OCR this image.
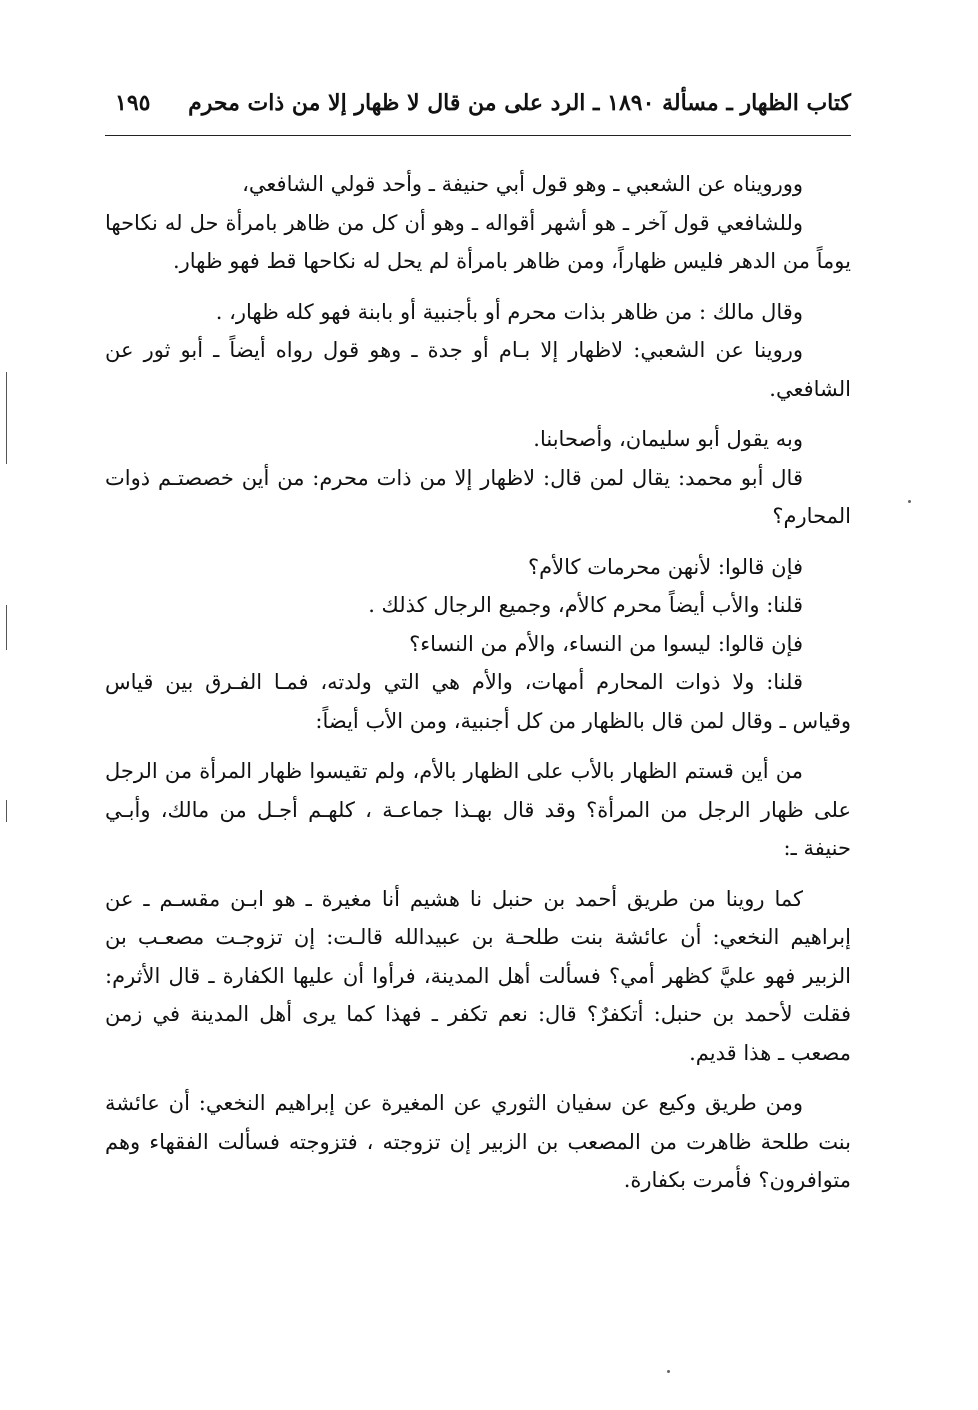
كتاب الظهار ـ مسألة ١٨٩٠ ـ الرد على من قال لا ظهار إلا من ذات محرم
١٩٥

وورويناه عن الشعبي ـ وهو قول أبي حنيفة ـ وأحد قولي الشافعي،

وللشافعي قول آخر ـ هو أشهر أقواله ـ وهو أن كل من ظاهر بامرأة حل له نكاحها يوماً من الدهر فليس ظهاراً، ومن ظاهر بامرأة لم يحل له نكاحها قط فهو ظهار.

وقال مالك : من ظاهر بذات محرم أو بأجنبية أو بابنة فهو كله ظهار، .

وروينا عن الشعبي: لاظهار إلا بـام أو جدة ـ وهو قول رواه أيضاً ـ أبو ثور عن الشافعي.

وبه يقول أبو سليمان، وأصحابنا.

قال أبو محمد: يقال لمن قال: لاظهار إلا من ذات محرم: من أين خصصتـم ذوات المحارم؟

فإن قالوا: لأنهن محرمات كالأم؟

قلنا: والأب أيضاً محرم كالأم، وجميع الرجال كذلك .

فإن قالوا: ليسوا من النساء، والأم من النساء؟

قلنا: ولا ذوات المحارم أمهات، والأم هي التي ولدته، فمـا الفـرق بين قياس وقياس ـ وقال لمن قال بالظهار من كل أجنبية، ومن الأب أيضاً:

من أين قستم الظهار بالأب على الظهار بالأم، ولم تقيسوا ظهار المرأة من الرجل على ظهار الرجل من المرأة؟ وقد قال بهـذا جماعـة ، كلهـم أجـل من مالك، وأبـي حنيفة ـ:

كما روينا من طريق أحمد بن حنبل نا هشيم أنا مغيرة ـ هو ابـن مقسـم ـ عن إبراهيم النخعي: أن عائشة بنت طلحـة بن عبيدالله قالـت: إن تزوجـت مصعـب بن الزبير فهو عليَّ كظهر أمي؟ فسألت أهل المدينة، فرأوا أن عليها الكفارة ـ قال الأثرم: فقلت لأحمد بن حنبل: أتكفرٌ؟ قال: نعم تكفر ـ فهذا كما يرى أهل المدينة في زمن مصعب ـ هذا قديم.

ومن طريق وكيع عن سفيان الثوري عن المغيرة عن إبراهيم النخعي: أن عائشة بنت طلحة ظاهرت من المصعب بن الزبير إن تزوجته ، فتزوجته فسألت الفقهاء وهم متوافرون؟ فأمرت بكفارة.
